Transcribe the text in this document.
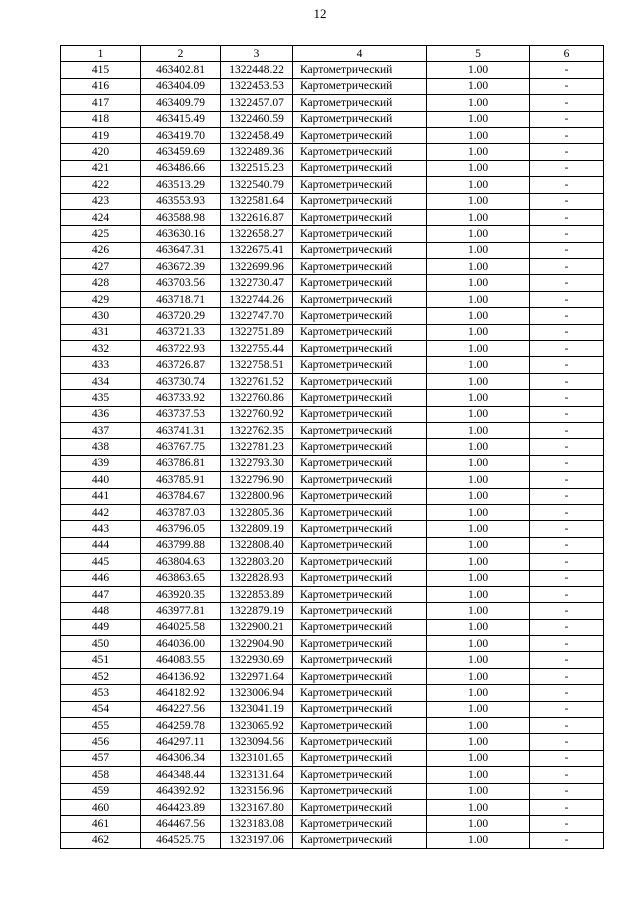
12
1	2	3	4	5	6
415	463402.81	1322448.22	Картометрический	1.00	-
416	463404.09	1322453.53	Картометрический	1.00	-
417	463409.79	1322457.07	Картометрический	1.00	-
418	463415.49	1322460.59	Картометрический	1.00	-
419	463419.70	1322458.49	Картометрический	1.00	-
420	463459.69	1322489.36	Картометрический	1.00	-
421	463486.66	1322515.23	Картометрический	1.00	-
422	463513.29	1322540.79	Картометрический	1.00	-
423	463553.93	1322581.64	Картометрический	1.00	-
424	463588.98	1322616.87	Картометрический	1.00	-
425	463630.16	1322658.27	Картометрический	1.00	-
426	463647.31	1322675.41	Картометрический	1.00	-
427	463672.39	1322699.96	Картометрический	1.00	-
428	463703.56	1322730.47	Картометрический	1.00	-
429	463718.71	1322744.26	Картометрический	1.00	-
430	463720.29	1322747.70	Картометрический	1.00	-
431	463721.33	1322751.89	Картометрический	1.00	-
432	463722.93	1322755.44	Картометрический	1.00	-
433	463726.87	1322758.51	Картометрический	1.00	-
434	463730.74	1322761.52	Картометрический	1.00	-
435	463733.92	1322760.86	Картометрический	1.00	-
436	463737.53	1322760.92	Картометрический	1.00	-
437	463741.31	1322762.35	Картометрический	1.00	-
438	463767.75	1322781.23	Картометрический	1.00	-
439	463786.81	1322793.30	Картометрический	1.00	-
440	463785.91	1322796.90	Картометрический	1.00	-
441	463784.67	1322800.96	Картометрический	1.00	-
442	463787.03	1322805.36	Картометрический	1.00	-
443	463796.05	1322809.19	Картометрический	1.00	-
444	463799.88	1322808.40	Картометрический	1.00	-
445	463804.63	1322803.20	Картометрический	1.00	-
446	463863.65	1322828.93	Картометрический	1.00	-
447	463920.35	1322853.89	Картометрический	1.00	-
448	463977.81	1322879.19	Картометрический	1.00	-
449	464025.58	1322900.21	Картометрический	1.00	-
450	464036.00	1322904.90	Картометрический	1.00	-
451	464083.55	1322930.69	Картометрический	1.00	-
452	464136.92	1322971.64	Картометрический	1.00	-
453	464182.92	1323006.94	Картометрический	1.00	-
454	464227.56	1323041.19	Картометрический	1.00	-
455	464259.78	1323065.92	Картометрический	1.00	-
456	464297.11	1323094.56	Картометрический	1.00	-
457	464306.34	1323101.65	Картометрический	1.00	-
458	464348.44	1323131.64	Картометрический	1.00	-
459	464392.92	1323156.96	Картометрический	1.00	-
460	464423.89	1323167.80	Картометрический	1.00	-
461	464467.56	1323183.08	Картометрический	1.00	-
462	464525.75	1323197.06	Картометрический	1.00	-
